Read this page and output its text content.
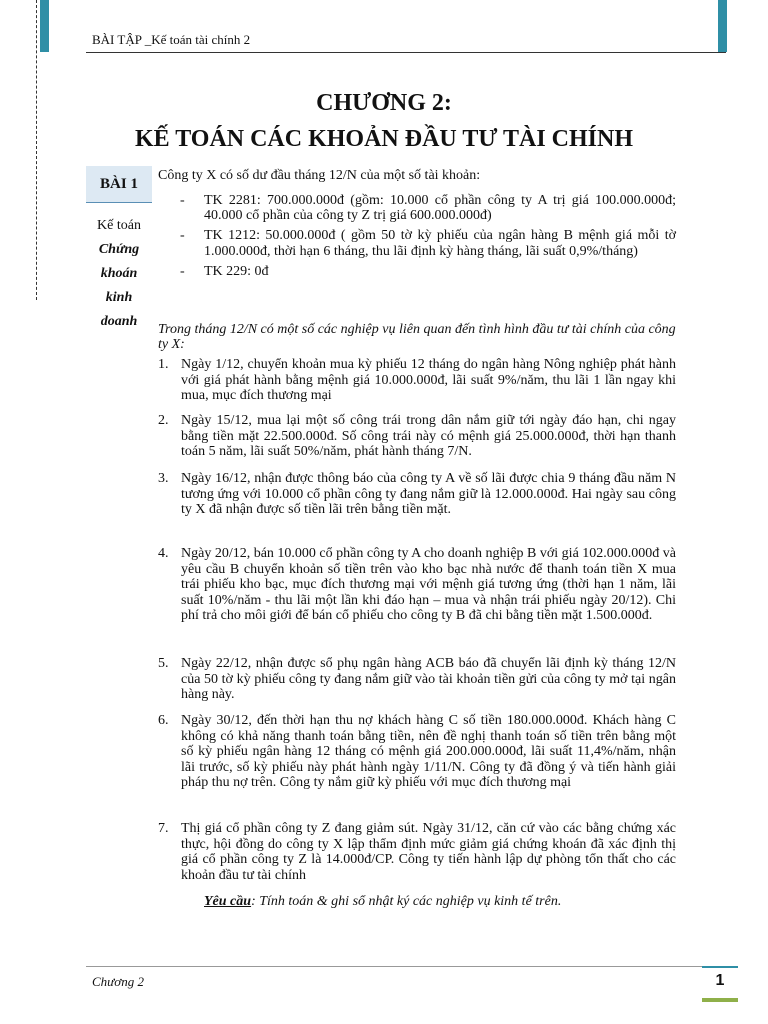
BÀI TẬP _Kế toán tài chính 2
CHƯƠNG 2:
KẾ TOÁN CÁC KHOẢN ĐẦU TƯ TÀI CHÍNH
BÀI 1
Kế toán
Chứng
khoán
kinh
doanh
Công ty X có số dư đầu tháng 12/N của một số tài khoản:
- TK 2281: 700.000.000đ (gồm: 10.000 cổ phần công ty A trị giá 100.000.000đ; 40.000 cổ phần của công ty Z trị giá 600.000.000đ)
- TK 1212: 50.000.000đ ( gồm 50 tờ kỳ phiếu của ngân hàng B mệnh giá mỗi tờ 1.000.000đ, thời hạn 6 tháng, thu lãi định kỳ hàng tháng, lãi suất 0,9%/tháng)
- TK 229: 0đ
Trong tháng 12/N có một số các nghiệp vụ liên quan đến tình hình đầu tư tài chính của công ty X:
1. Ngày 1/12, chuyển khoản mua kỳ phiếu 12 tháng do ngân hàng Nông nghiệp phát hành với giá phát hành bằng mệnh giá 10.000.000đ, lãi suất 9%/năm, thu lãi 1 lần ngay khi mua, mục đích thương mại
2. Ngày 15/12, mua lại một số công trái trong dân nắm giữ tới ngày đáo hạn, chi ngay bằng tiền mặt 22.500.000đ. Số công trái này có mệnh giá 25.000.000đ, thời hạn thanh toán 5 năm, lãi suất 50%/năm, phát hành tháng 7/N.
3. Ngày 16/12, nhận được thông báo của công ty A về số lãi được chia 9 tháng đầu năm N tương ứng với 10.000 cổ phần công ty đang nắm giữ là 12.000.000đ. Hai ngày sau công ty X đã nhận được số tiền lãi trên bằng tiền mặt.
4. Ngày 20/12, bán 10.000 cổ phần công ty A cho doanh nghiệp B với giá 102.000.000đ và yêu cầu B chuyển khoản số tiền trên vào kho bạc nhà nước để thanh toán tiền X mua trái phiếu kho bạc, mục đích thương mại với mệnh giá tương ứng (thời hạn 1 năm, lãi suất 10%/năm - thu lãi một lần khi đáo hạn – mua và nhận trái phiếu ngày 20/12). Chi phí trả cho môi giới để bán cổ phiếu cho công ty B đã chi bằng tiền mặt 1.500.000đ.
5. Ngày 22/12, nhận được sổ phụ ngân hàng ACB báo đã chuyển lãi định kỳ tháng 12/N của 50 tờ kỳ phiếu công ty đang nắm giữ vào tài khoản tiền gửi của công ty mở tại ngân hàng này.
6. Ngày 30/12, đến thời hạn thu nợ khách hàng C số tiền 180.000.000đ. Khách hàng C không có khả năng thanh toán bằng tiền, nên đề nghị thanh toán số tiền trên bằng một số kỳ phiếu ngân hàng 12 tháng có mệnh giá 200.000.000đ, lãi suất 11,4%/năm, nhận lãi trước, số kỳ phiếu này phát hành ngày 1/11/N. Công ty đã đồng ý và tiến hành giải pháp thu nợ trên. Công ty nắm giữ kỳ phiếu với mục đích thương mại
7. Thị giá cổ phần công ty Z đang giảm sút. Ngày 31/12, căn cứ vào các bằng chứng xác thực, hội đồng do công ty X lập thẩm định mức giảm giá chứng khoán đã xác định thị giá cổ phần công ty Z là 14.000đ/CP. Công ty tiến hành lập dự phòng tổn thất cho các khoản đầu tư tài chính
Yêu cầu: Tính toán & ghi sổ nhật ký các nghiệp vụ kinh tế trên.
Chương 2	1
